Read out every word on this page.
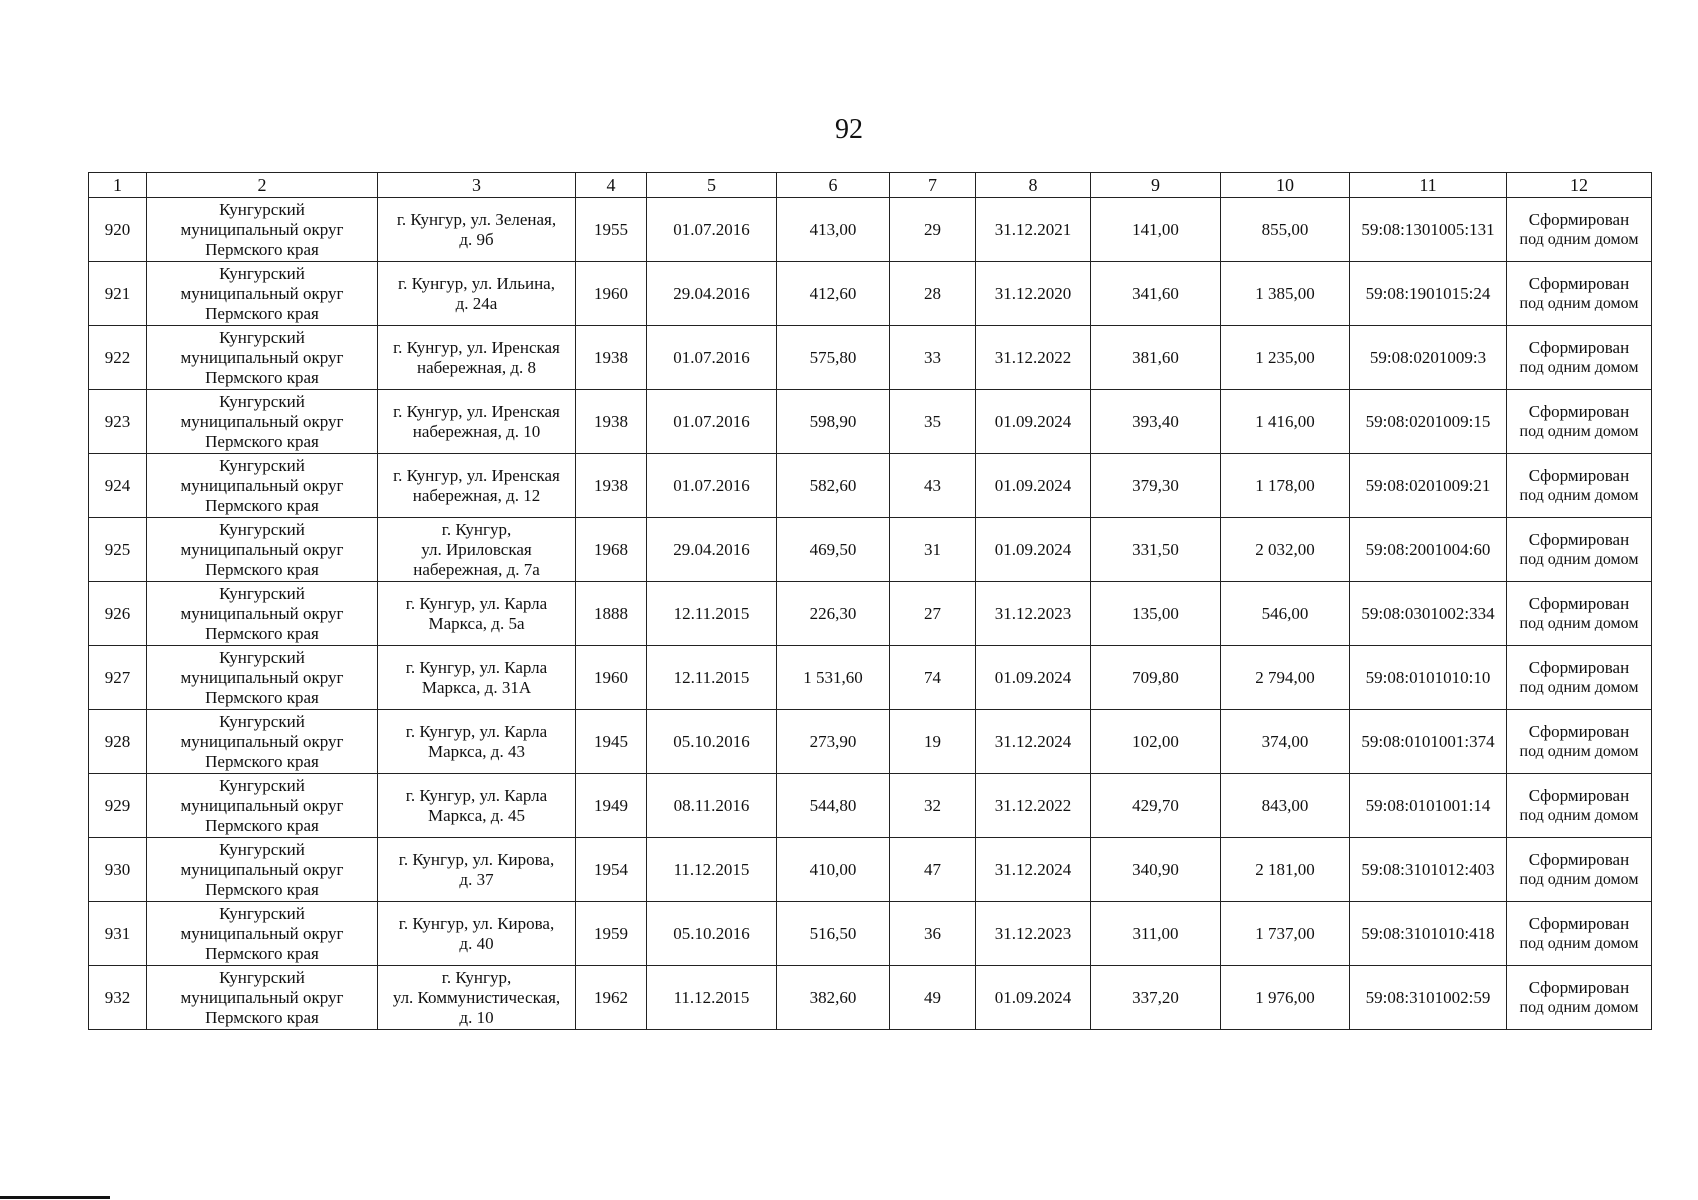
92
1	2	3	4	5	6	7	8	9	10	11	12
920	Кунгурский
муниципальный округ
Пермского края	г. Кунгур, ул. Зеленая,
д. 9б	1955	01.07.2016	413,00	29	31.12.2021	141,00	855,00	59:08:1301005:131	Сформирован
под одним домом

921	Кунгурский
муниципальный округ
Пермского края	г. Кунгур, ул. Ильина,
д. 24а	1960	29.04.2016	412,60	28	31.12.2020	341,60	1 385,00	59:08:1901015:24	Сформирован
под одним домом

922	Кунгурский
муниципальный округ
Пермского края	г. Кунгур, ул. Иренская
набережная, д. 8	1938	01.07.2016	575,80	33	31.12.2022	381,60	1 235,00	59:08:0201009:3	Сформирован
под одним домом

923	Кунгурский
муниципальный округ
Пермского края	г. Кунгур, ул. Иренская
набережная, д. 10	1938	01.07.2016	598,90	35	01.09.2024	393,40	1 416,00	59:08:0201009:15	Сформирован
под одним домом

924	Кунгурский
муниципальный округ
Пермского края	г. Кунгур, ул. Иренская
набережная, д. 12	1938	01.07.2016	582,60	43	01.09.2024	379,30	1 178,00	59:08:0201009:21	Сформирован
под одним домом

925	Кунгурский
муниципальный округ
Пермского края	г. Кунгур,
ул. Ириловская
набережная, д. 7а	1968	29.04.2016	469,50	31	01.09.2024	331,50	2 032,00	59:08:2001004:60	Сформирован
под одним домом

926	Кунгурский
муниципальный округ
Пермского края	г. Кунгур, ул. Карла
Маркса, д. 5а	1888	12.11.2015	226,30	27	31.12.2023	135,00	546,00	59:08:0301002:334	Сформирован
под одним домом

927	Кунгурский
муниципальный округ
Пермского края	г. Кунгур, ул. Карла
Маркса, д. 31А	1960	12.11.2015	1 531,60	74	01.09.2024	709,80	2 794,00	59:08:0101010:10	Сформирован
под одним домом

928	Кунгурский
муниципальный округ
Пермского края	г. Кунгур, ул. Карла
Маркса, д. 43	1945	05.10.2016	273,90	19	31.12.2024	102,00	374,00	59:08:0101001:374	Сформирован
под одним домом

929	Кунгурский
муниципальный округ
Пермского края	г. Кунгур, ул. Карла
Маркса, д. 45	1949	08.11.2016	544,80	32	31.12.2022	429,70	843,00	59:08:0101001:14	Сформирован
под одним домом

930	Кунгурский
муниципальный округ
Пермского края	г. Кунгур, ул. Кирова,
д. 37	1954	11.12.2015	410,00	47	31.12.2024	340,90	2 181,00	59:08:3101012:403	Сформирован
под одним домом

931	Кунгурский
муниципальный округ
Пермского края	г. Кунгур, ул. Кирова,
д. 40	1959	05.10.2016	516,50	36	31.12.2023	311,00	1 737,00	59:08:3101010:418	Сформирован
под одним домом

932	Кунгурский
муниципальный округ
Пермского края	г. Кунгур,
ул. Коммунистическая,
д. 10	1962	11.12.2015	382,60	49	01.09.2024	337,20	1 976,00	59:08:3101002:59	Сформирован
под одним домом
